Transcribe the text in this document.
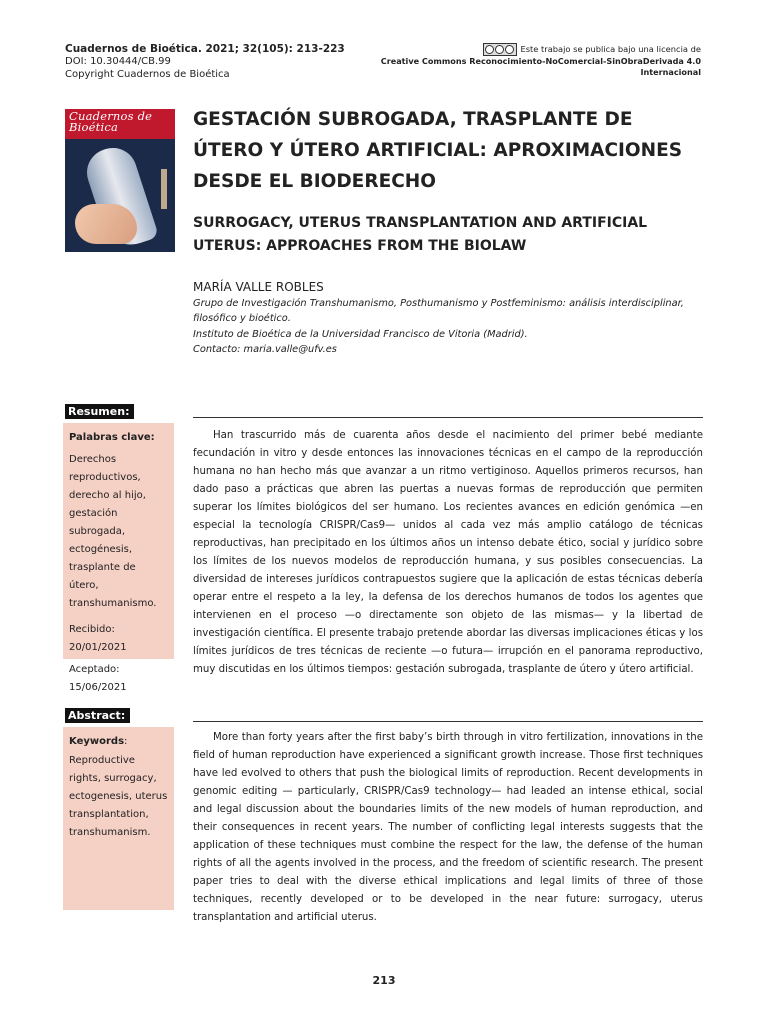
Cuadernos de Bioética. 2021; 32(105): 213-223
DOI: 10.30444/CB.99
Copyright Cuadernos de Bioética
Este trabajo se publica bajo una licencia de
Creative Commons Reconocimiento-NoComercial-SinObraDerivada 4.0 Internacional
Cuadernos de Bioética	GESTACIÓN SUBROGADA, TRASPLANTE DE ÚTERO Y ÚTERO ARTIFICIAL: APROXIMACIONES DESDE EL BIODERECHO
SURROGACY, UTERUS TRANSPLANTATION AND ARTIFICIAL UTERUS: APPROACHES FROM THE BIOLAW
MARÍA VALLE ROBLES
Grupo de Investigación Transhumanismo, Posthumanismo y Postfeminismo: análisis interdisciplinar, filosófico y bioético.
Instituto de Bioética de la Universidad Francisco de Vitoria (Madrid).
Contacto: maria.valle@ufv.es
Resumen:

Palabras clave:

Derechos reproductivos, derecho al hijo, gestación subrogada, ectogénesis, trasplante de útero, transhumanismo.

Recibido: 20/01/2021

Aceptado: 15/06/2021

Han trascurrido más de cuarenta años desde el nacimiento del primer bebé mediante fecundación in vitro y desde entonces las innovaciones técnicas en el campo de la reproducción humana no han hecho más que avanzar a un ritmo vertiginoso. Aquellos primeros recursos, han dado paso a prácticas que abren las puertas a nuevas formas de reproducción que permiten superar los límites biológicos del ser humano. Los recientes avances en edición genómica —en especial la tecnología CRISPR/Cas9— unidos al cada vez más amplio catálogo de técnicas reproductivas, han precipitado en los últimos años un intenso debate ético, social y jurídico sobre los límites de los nuevos modelos de reproducción humana, y sus posibles consecuencias. La diversidad de intereses jurídicos contrapuestos sugiere que la aplicación de estas técnicas debería operar entre el respeto a la ley, la defensa de los derechos humanos de todos los agentes que intervienen en el proceso —o directamente son objeto de las mismas— y la libertad de investigación científica. El presente trabajo pretende abordar las diversas implicaciones éticas y los límites jurídicos de tres técnicas de reciente —o futura— irrupción en el panorama reproductivo, muy discutidas en los últimos tiempos: gestación subrogada, trasplante de útero y útero artificial.

Abstract:

Keywords:

Reproductive rights, surrogacy, ectogenesis, uterus transplantation, transhumanism.

More than forty years after the first baby’s birth through in vitro fertilization, innovations in the field of human reproduction have experienced a significant growth increase. Those first techniques have led evolved to others that push the biological limits of reproduction. Recent developments in genomic editing — particularly, CRISPR/Cas9 technology— had leaded an intense ethical, social and legal discussion about the boundaries limits of the new models of human reproduction, and their consequences in recent years. The number of conflicting legal interests suggests that the application of these techniques must combine the respect for the law, the defense of the human rights of all the agents involved in the process, and the freedom of scientific research. The present paper tries to deal with the diverse ethical implications and legal limits of three of those techniques, recently developed or to be developed in the near future: surrogacy, uterus transplantation and artificial uterus.

213
